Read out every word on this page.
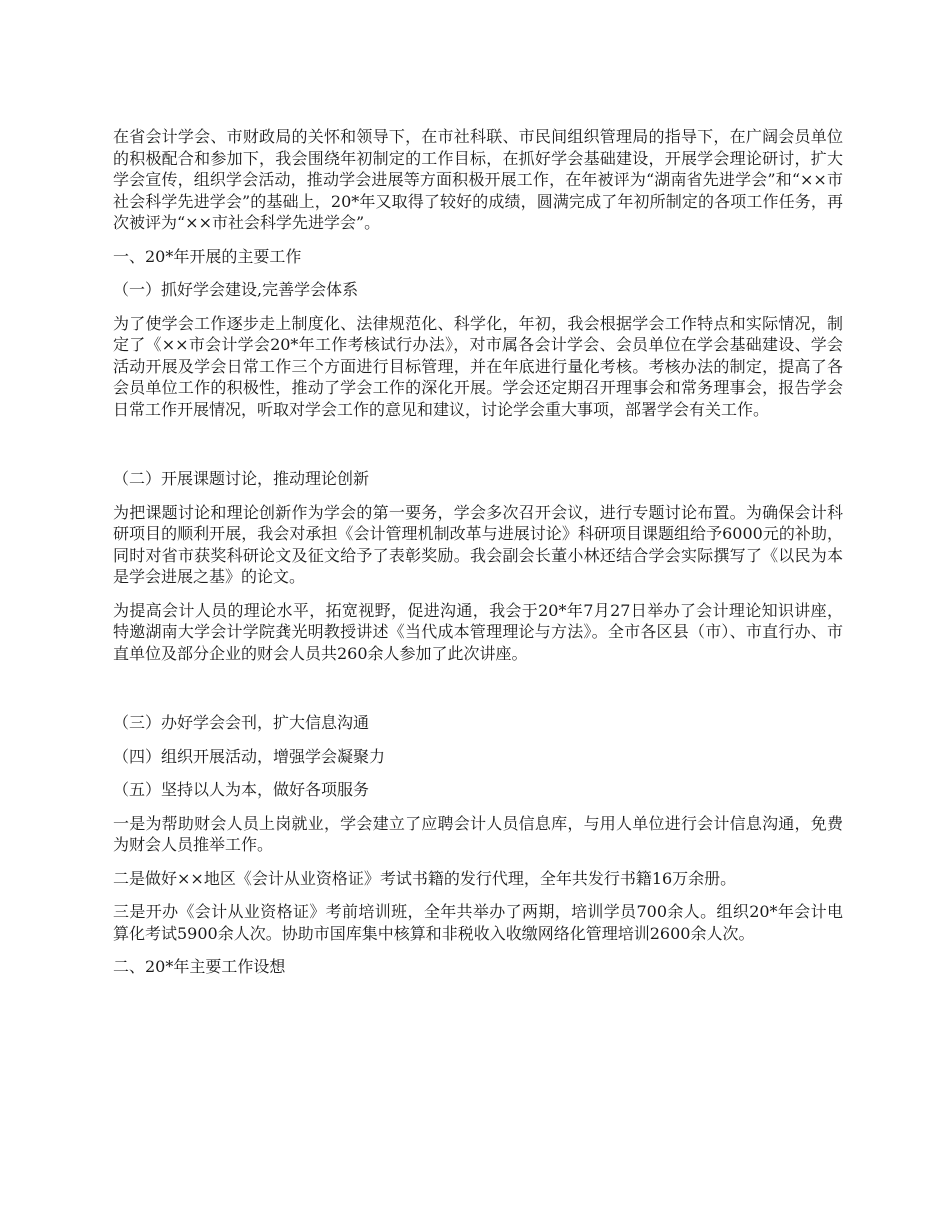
在省会计学会、市财政局的关怀和领导下，在市社科联、市民间组织管理局的指导下，在广阔会员单位的积极配合和参加下，我会围绕年初制定的工作目标，在抓好学会基础建设，开展学会理论研讨，扩大学会宣传，组织学会活动，推动学会进展等方面积极开展工作，在年被评为“湖南省先进学会”和“××市社会科学先进学会”的基础上，20*年又取得了较好的成绩，圆满完成了年初所制定的各项工作任务，再次被评为“××市社会科学先进学会”。

一、20*年开展的主要工作

（一）抓好学会建设,完善学会体系

为了使学会工作逐步走上制度化、法律规范化、科学化，年初，我会根据学会工作特点和实际情况，制定了《××市会计学会20*年工作考核试行办法》，对市属各会计学会、会员单位在学会基础建设、学会活动开展及学会日常工作三个方面进行目标管理，并在年底进行量化考核。考核办法的制定，提高了各会员单位工作的积极性，推动了学会工作的深化开展。学会还定期召开理事会和常务理事会，报告学会日常工作开展情况，听取对学会工作的意见和建议，讨论学会重大事项，部署学会有关工作。

（二）开展课题讨论，推动理论创新

为把课题讨论和理论创新作为学会的第一要务，学会多次召开会议，进行专题讨论布置。为确保会计科研项目的顺利开展，我会对承担《会计管理机制改革与进展讨论》科研项目课题组给予6000元的补助，同时对省市获奖科研论文及征文给予了表彰奖励。我会副会长董小林还结合学会实际撰写了《以民为本是学会进展之基》的论文。

为提高会计人员的理论水平，拓宽视野，促进沟通，我会于20*年7月27日举办了会计理论知识讲座，特邀湖南大学会计学院龚光明教授讲述《当代成本管理理论与方法》。全市各区县（市）、市直行办、市直单位及部分企业的财会人员共260余人参加了此次讲座。

（三）办好学会会刊，扩大信息沟通

（四）组织开展活动，增强学会凝聚力

（五）坚持以人为本，做好各项服务

一是为帮助财会人员上岗就业，学会建立了应聘会计人员信息库，与用人单位进行会计信息沟通，免费为财会人员推举工作。

二是做好××地区《会计从业资格证》考试书籍的发行代理，全年共发行书籍16万余册。

三是开办《会计从业资格证》考前培训班，全年共举办了两期，培训学员700余人。组织20*年会计电算化考试5900余人次。协助市国库集中核算和非税收入收缴网络化管理培训2600余人次。

二、20*年主要工作设想
